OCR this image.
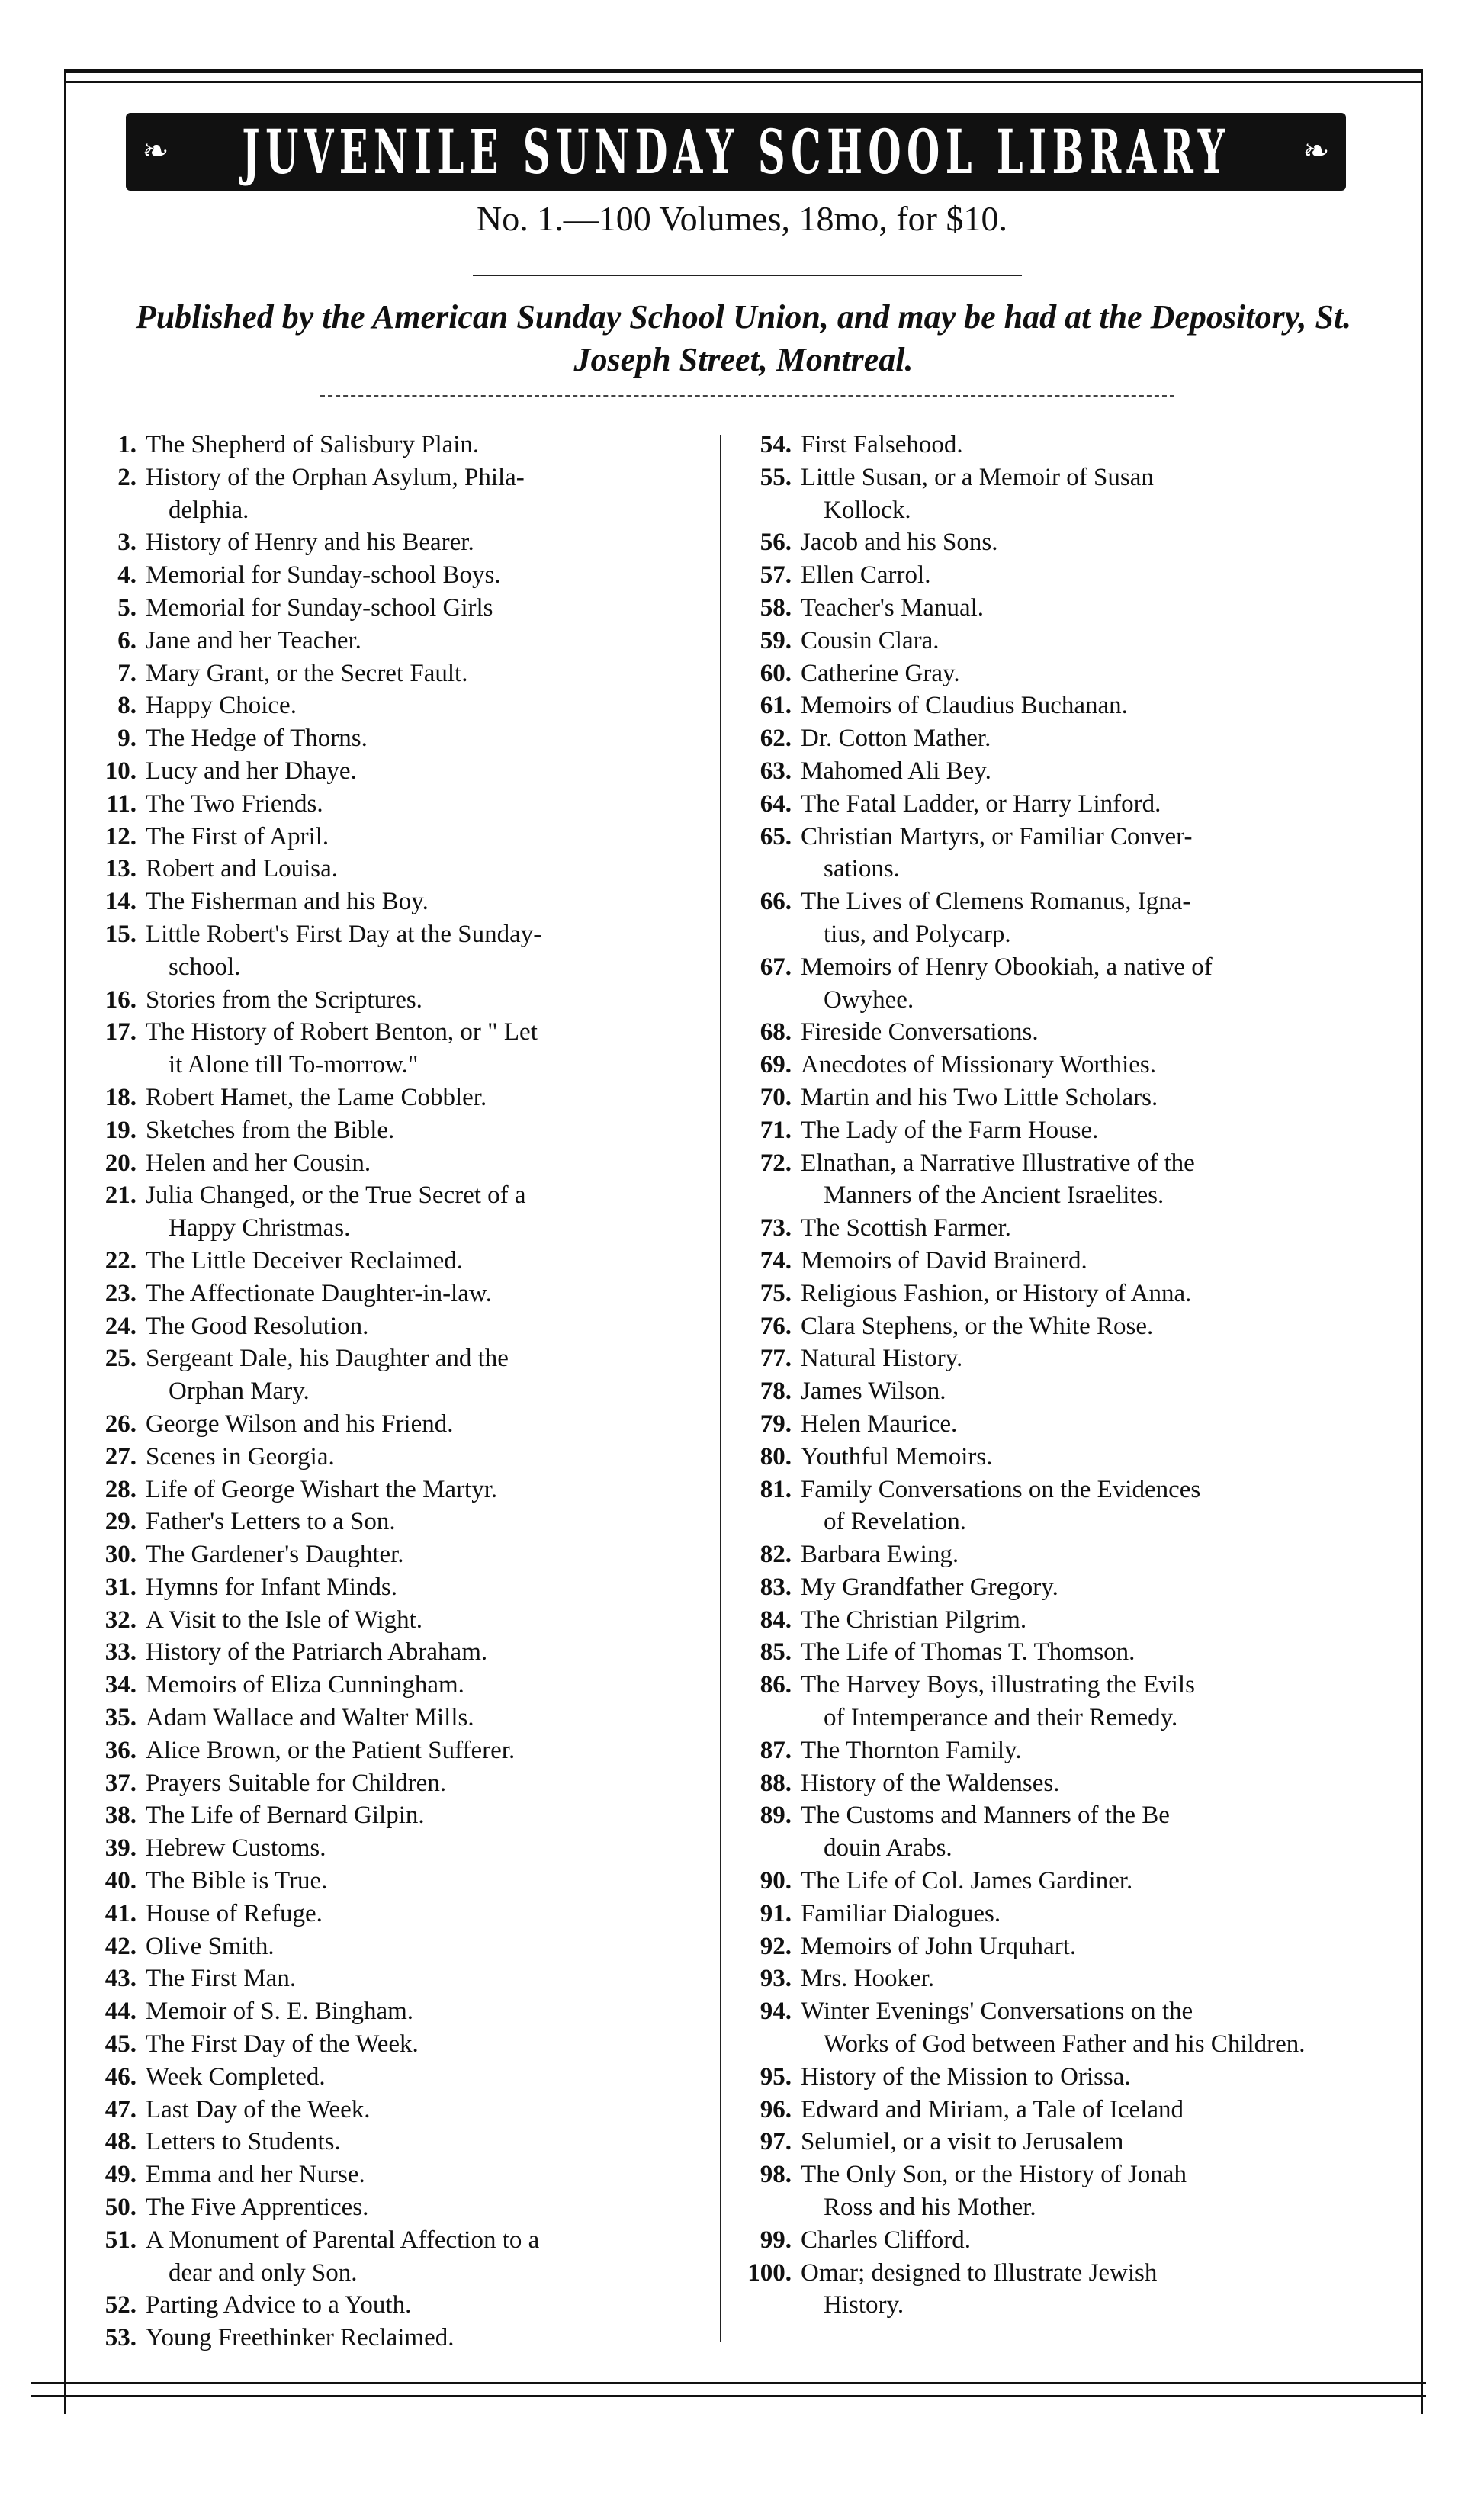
❧ JUVENILE SUNDAY SCHOOL LIBRARY ❧
No. 1.—100 Volumes, 18mo, for $10.
Published by the American Sunday School Union, and may be had at the Depository, St. Joseph Street, Montreal.
1. The Shepherd of Salisbury Plain.
2. History of the Orphan Asylum, Phila-
delphia.
3. History of Henry and his Bearer.
4. Memorial for Sunday-school Boys.
5. Memorial for Sunday-school Girls
6. Jane and her Teacher.
7. Mary Grant, or the Secret Fault.
8. Happy Choice.
9. The Hedge of Thorns.
10. Lucy and her Dhaye.
11. The Two Friends.
12. The First of April.
13. Robert and Louisa.
14. The Fisherman and his Boy.
15. Little Robert's First Day at the Sunday-
school.
16. Stories from the Scriptures.
17. The History of Robert Benton, or " Let
it Alone till To-morrow."
18. Robert Hamet, the Lame Cobbler.
19. Sketches from the Bible.
20. Helen and her Cousin.
21. Julia Changed, or the True Secret of a
Happy Christmas.
22. The Little Deceiver Reclaimed.
23. The Affectionate Daughter-in-law.
24. The Good Resolution.
25. Sergeant Dale, his Daughter and the
Orphan Mary.
26. George Wilson and his Friend.
27. Scenes in Georgia.
28. Life of George Wishart the Martyr.
29. Father's Letters to a Son.
30. The Gardener's Daughter.
31. Hymns for Infant Minds.
32. A Visit to the Isle of Wight.
33. History of the Patriarch Abraham.
34. Memoirs of Eliza Cunningham.
35. Adam Wallace and Walter Mills.
36. Alice Brown, or the Patient Sufferer.
37. Prayers Suitable for Children.
38. The Life of Bernard Gilpin.
39. Hebrew Customs.
40. The Bible is True.
41. House of Refuge.
42. Olive Smith.
43. The First Man.
44. Memoir of S. E. Bingham.
45. The First Day of the Week.
46. Week Completed.
47. Last Day of the Week.
48. Letters to Students.
49. Emma and her Nurse.
50. The Five Apprentices.
51. A Monument of Parental Affection to a
dear and only Son.
52. Parting Advice to a Youth.
53. Young Freethinker Reclaimed.
54. First Falsehood.
55. Little Susan, or a Memoir of Susan
Kollock.
56. Jacob and his Sons.
57. Ellen Carrol.
58. Teacher's Manual.
59. Cousin Clara.
60. Catherine Gray.
61. Memoirs of Claudius Buchanan.
62. Dr. Cotton Mather.
63. Mahomed Ali Bey.
64. The Fatal Ladder, or Harry Linford.
65. Christian Martyrs, or Familiar Conver-
sations.
66. The Lives of Clemens Romanus, Igna-
tius, and Polycarp.
67. Memoirs of Henry Obookiah, a native of
Owyhee.
68. Fireside Conversations.
69. Anecdotes of Missionary Worthies.
70. Martin and his Two Little Scholars.
71. The Lady of the Farm House.
72. Elnathan, a Narrative Illustrative of the
Manners of the Ancient Israelites.
73. The Scottish Farmer.
74. Memoirs of David Brainerd.
75. Religious Fashion, or History of Anna.
76. Clara Stephens, or the White Rose.
77. Natural History.
78. James Wilson.
79. Helen Maurice.
80. Youthful Memoirs.
81. Family Conversations on the Evidences
of Revelation.
82. Barbara Ewing.
83. My Grandfather Gregory.
84. The Christian Pilgrim.
85. The Life of Thomas T. Thomson.
86. The Harvey Boys, illustrating the Evils
of Intemperance and their Remedy.
87. The Thornton Family.
88. History of the Waldenses.
89. The Customs and Manners of the Be
douin Arabs.
90. The Life of Col. James Gardiner.
91. Familiar Dialogues.
92. Memoirs of John Urquhart.
93. Mrs. Hooker.
94. Winter Evenings' Conversations on the
Works of God between Father and his Children.
95. History of the Mission to Orissa.
96. Edward and Miriam, a Tale of Iceland
97. Selumiel, or a visit to Jerusalem
98. The Only Son, or the History of Jonah
Ross and his Mother.
99. Charles Clifford.
100. Omar; designed to Illustrate Jewish
History.
